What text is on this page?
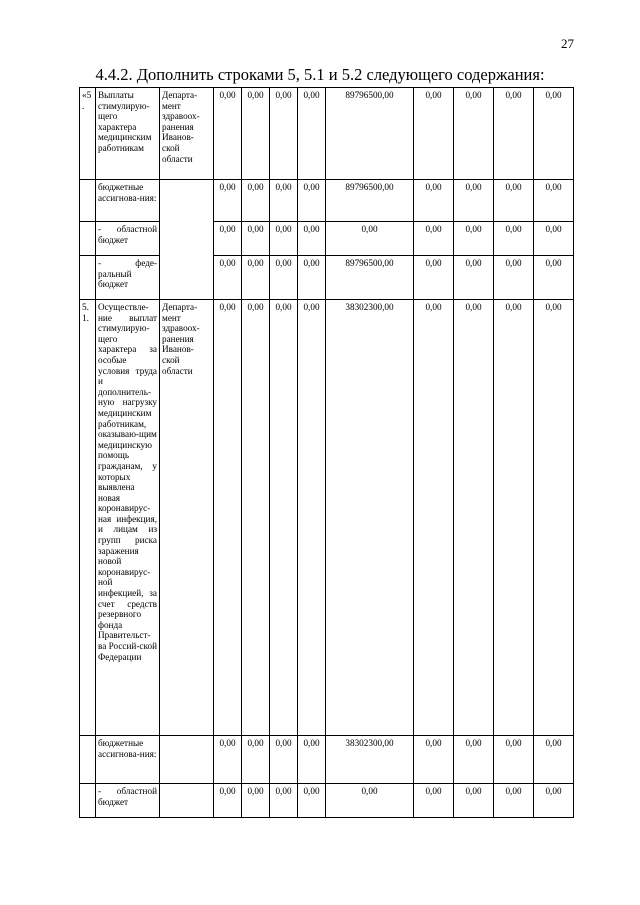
27
4.4.2. Дополнить строками 5, 5.1 и 5.2 следующего содержания:
«5.	Выплаты стимулирую-щего характера медицинским работникам	Департа-мент здравоох-ранения Иванов-ской области	0,00	0,00	0,00	0,00	89796500,00	0,00	0,00	0,00	0,00
	бюджетные ассигнова-ния:		0,00	0,00	0,00	0,00	89796500,00	0,00	0,00	0,00	0,00
	- областной бюджет		0,00	0,00	0,00	0,00	0,00	0,00	0,00	0,00	0,00
	- феде-ральный бюджет		0,00	0,00	0,00	0,00	89796500,00	0,00	0,00	0,00	0,00
5.1.	Осуществле-ние выплат стимулирую-щего характера за особые условия труда и дополнитель-ную нагрузку медицинским работникам, оказываю-щим медицинскую помощь гражданам, у которых выявлена новая коронавирус-ная инфекция, и лицам из групп риска заражения новой коронавирус-ной инфекцией, за счет средств резервного фонда Правительст-ва Россий-ской Федерации	Департа-мент здравоох-ранения Иванов-ской области	0,00	0,00	0,00	0,00	38302300,00	0,00	0,00	0,00	0,00
	бюджетные ассигнова-ния:		0,00	0,00	0,00	0,00	38302300,00	0,00	0,00	0,00	0,00
	- областной бюджет		0,00	0,00	0,00	0,00	0,00	0,00	0,00	0,00	0,00
